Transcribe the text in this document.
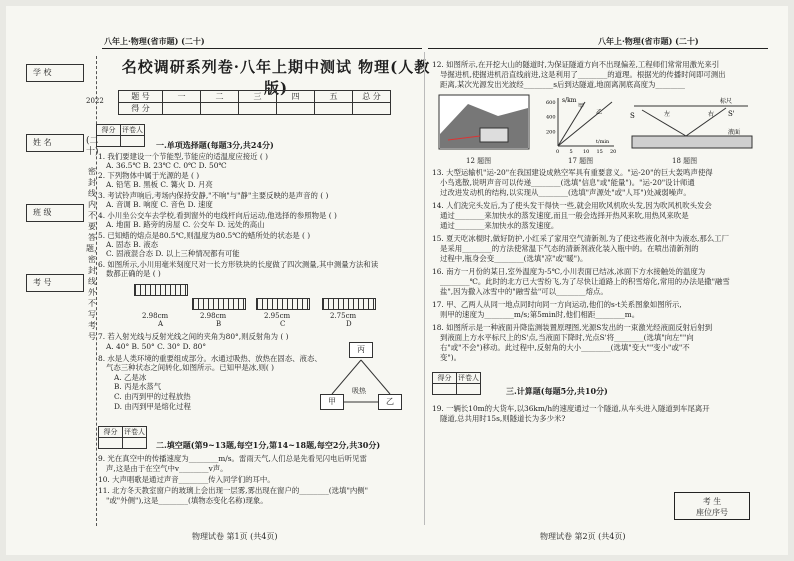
学 校
姓 名
班 级
考 号
2022
(二十)
密封线内不要答题，密封线外不写考号
八年上·物理(省市题) (二十)	八年上·物理(省市题) (二十)
名校调研系列卷·八年上期中测试 物理(人教版)
题 号	一	二	三	四	五	总 分
得 分						
得分	评卷人

一.单项选择题(每题3分,共24分)
1. 我们要建设一个节能型,节能应的适温度应接近 ( )
A. 36.5℃ B. 23℃ C. 0℃ D. 50℃
2. 下列物体中属于光源的是 ( )
A. 铅笔 B. 黑板 C. 篝火 D. 月亮
3. 考试铃声响后,考场内保持安静,"不响"与"静"主要反映的是声音的 ( )
A. 音调 B. 响度 C. 音色 D. 速度
4. 小川坐公交车去学校,看到窗外的电线杆向后运动,他选择的参照物是 ( )
A. 地面 B. 路旁的房屋 C. 公交车 D. 远处的高山
5. 已知蜡的熔点是80.5℃,则温度为80.5℃的蜡所处的状态是 ( )
A. 固态 B. 液态
C. 固液混合态 D. 以上三种情况都有可能
6. 如图所示,小川用毫米刻度尺对一长方形铁块的长度做了四次测量,其中测量方法和读
数都正确的是 ( )
2.98cm	2.98cm	2.95cm	2.75cm
A	B	C	D
7. 若入射光线与反射光线之间的夹角为80°,则反射角为 ( )
A. 40° B. 50° C. 30° D. 80°
8. 水是人类环境的重要组成部分。水通过吸热、放热在固态、液态、
气态三种状态之间转化,如图所示。已知甲是冰,则( )
A. 乙是冰
B. 丙是水蒸气
C. 由丙到甲的过程放热
D. 由丙到甲是熔化过程
丙
甲	乙
吸热
得分	评卷人

二.填空题(第9~13题,每空1分,第14~18题,每空2分,共30分)
9. 光在真空中的传播速度为________m/s。雷雨天气,人们总是先看见闪电后听见雷
声,这是由于在空气中v________v声。
10. 大声唱歌是通过声音________传入同学们的耳中。
11. 北方冬天教室窗户的玻璃上会出现一层雾,雾出现在窗户的________(选填"内侧"
"或"外侧"),这是________(填物态变化名称)现象。
物理试卷 第1页 (共4页)
12. 如图所示,在开挖大山的隧道时,为保证隧道方向不出现偏差,工程师们常常用激光来引
导掘进机,使掘进机沿直线前进,这是利用了________的道理。根据光的传播时间即可测出
距离,某次光源发出光波经________s后到达隧道,地面离洞底高度为________
0 5 10 15 20
600
400
200
s/km
t/min
甲
乙	S	左	右 S'
标尺
液面
12 题图	17 题图	18 题图
13. 大型运输机"运-20"在我国建设成熟空军具有重要意义。"运-20"的巨大轰鸣声使得
小鸟逃散,说明声音可以传递________(选填"信息"或"能量")。"运-20"设计师通
过改进发动机的结构,以实现从________(选填"声源处"或"人耳")处减弱噪声。
14. 人们洗完头发后,为了使头发干得快一些,就会用吹风机吹头发,因为吹风机吹头发会
通过________来加快水的蒸发速度,而且一般会选择开热风来吹,用热风来吹是
通过________来加快水的蒸发速度。
15. 夏天吃冰棍时,做好防护,小红采了家用空气清新剂,为了使这些液化剂中为液态,那么工厂
是采用________的方法使常温下气态的清新剂液化装入瓶中的。在喷出清新剂的
过程中,瓶身会变________(选填"凉"或"暖")。
16. 南方一月份的某日,室外温度为-5℃,小川表面已结冰,冰面下方水接触处的温度为
________℃。此时的北方已大雪纷飞,为了尽快让道路上的积雪熔化,常用的办法是撒"融雪
盐",因为撒入冰雪中的"融雪盐"可以________熔点。
17. 甲、乙两人从同一地点同时向同一方向运动,他们的s-t关系图象如图所示,
则甲的速度为________m/s;第5min时,他们相距________m。
18. 如图所示是一种液面升降监测装置原理图,光源S发出的一束激光经液面反射后射到
到液面上方水平标尺上的S'点,当液面下降时,光点S'将________(选填"向左""向
右"或"不会")移动。此过程中,反射角的大小________(选填"变大""变小"或"不
变")。
得分	评卷人

三.计算题(每题5分,共10分)
19. 一辆长10m的大货车,以36km/h的速度通过一个隧道,从车头进入隧道到车尾离开
隧道,总共用时15s,则隧道长为多少米?
考 生
座位序号
物理试卷 第2页 (共4页)
